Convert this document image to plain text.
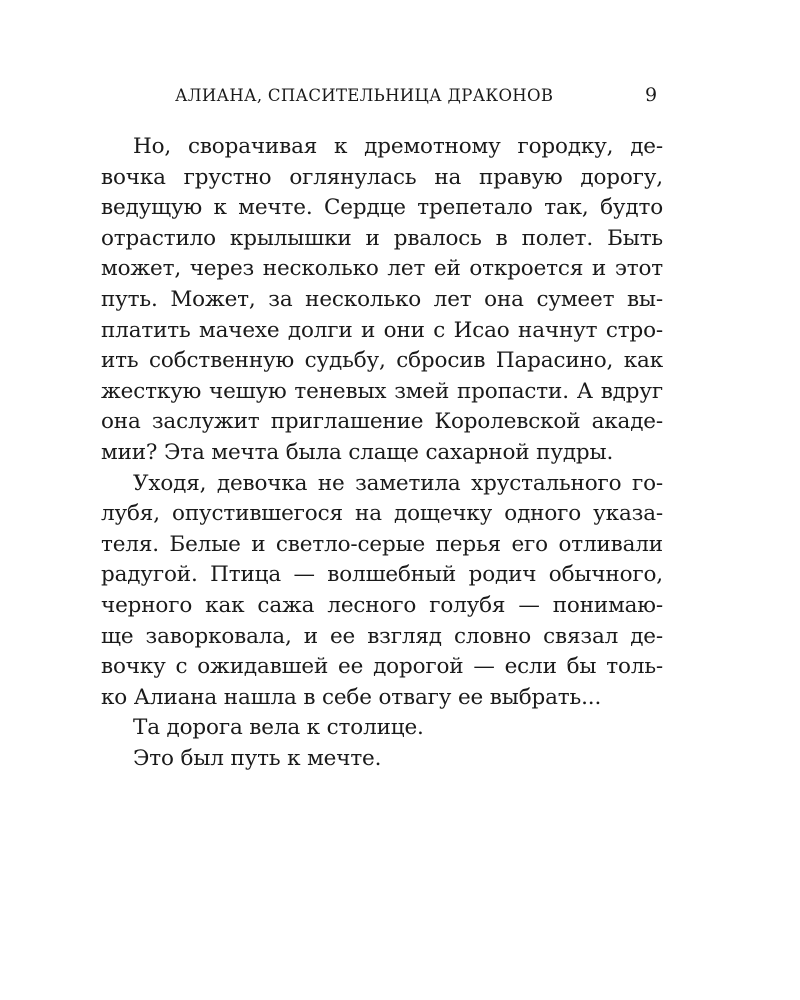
АЛИАНА, СПАСИТЕЛЬНИЦА ДРАКОНОВ	9
Но, сворачивая к дремотному городку, де-
вочка грустно оглянулась на правую дорогу,
ведущую к мечте. Сердце трепетало так, будто
отрастило крылышки и рвалось в полет. Быть
может, через несколько лет ей откроется и этот
путь. Может, за несколько лет она сумеет вы-
платить мачехе долги и они с Исао начнут стро-
ить собственную судьбу, сбросив Парасино, как
жесткую чешую теневых змей пропасти. А вдруг
она заслужит приглашение Королевской акаде-
мии? Эта мечта была слаще сахарной пудры.
Уходя, девочка не заметила хрустального го-
лубя, опустившегося на дощечку одного указа-
теля. Белые и светло-серые перья его отливали
радугой. Птица — волшебный родич обычного,
черного как сажа лесного голубя — понимаю-
ще заворковала, и ее взгляд словно связал де-
вочку с ожидавшей ее дорогой — если бы толь-
ко Алиана нашла в себе отвагу ее выбрать...
Та дорога вела к столице.
Это был путь к мечте.
